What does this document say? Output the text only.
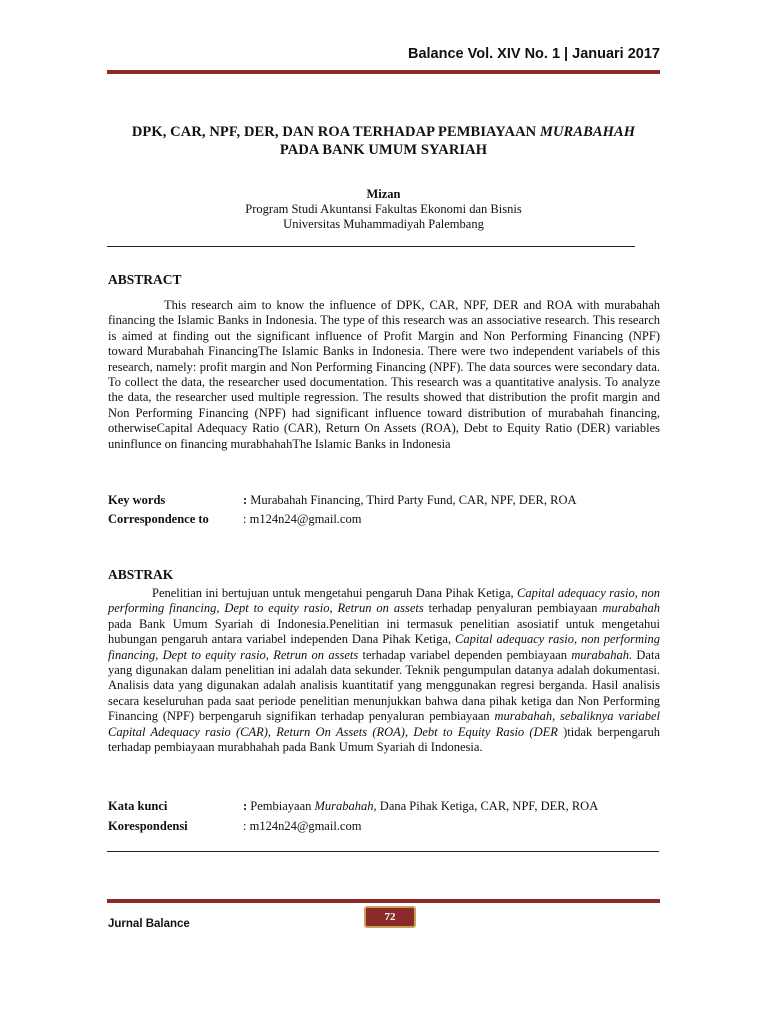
Balance Vol. XIV No. 1 | Januari 2017
DPK, CAR, NPF, DER, DAN ROA TERHADAP PEMBIAYAAN MURABAHAH
PADA BANK UMUM SYARIAH
Mizan
Program Studi Akuntansi Fakultas Ekonomi dan Bisnis
Universitas Muhammadiyah Palembang
ABSTRACT
This research aim to know the influence of DPK, CAR, NPF, DER and ROA with murabahah financing the Islamic Banks in Indonesia. The type of this research was an associative research. This research is aimed at finding out the significant influence of Profit Margin and Non Performing Financing (NPF) toward Murabahah FinancingThe Islamic Banks in Indonesia. There were two independent variabels of this research, namely: profit margin and Non Performing Financing (NPF). The data sources were secondary data. To collect the data, the researcher used documentation. This research was a quantitative analysis. To analyze the data, the researcher used multiple regression. The results showed that distribution the profit margin and Non Performing Financing (NPF) had significant influence toward distribution of murabahah financing, otherwiseCapital Adequacy Ratio (CAR), Return On Assets (ROA), Debt to Equity Ratio (DER) variables uninflunce on financing murabhahahThe Islamic Banks in Indonesia
Key words	: Murabahah Financing, Third Party Fund, CAR, NPF, DER, ROA
Correspondence to	: m124n24@gmail.com
ABSTRAK
Penelitian ini bertujuan untuk mengetahui pengaruh Dana Pihak Ketiga, Capital adequacy rasio, non performing financing, Dept to equity rasio, Retrun on assets terhadap penyaluran pembiayaan murabahah pada Bank Umum Syariah di Indonesia.Penelitian ini termasuk penelitian asosiatif untuk mengetahui hubungan pengaruh antara variabel independen Dana Pihak Ketiga, Capital adequacy rasio, non performing financing, Dept to equity rasio, Retrun on assets terhadap variabel dependen pembiayaan murabahah. Data yang digunakan dalam penelitian ini adalah data sekunder. Teknik pengumpulan datanya adalah dokumentasi. Analisis data yang digunakan adalah analisis kuantitatif yang menggunakan regresi berganda. Hasil analisis secara keseluruhan pada saat periode penelitian menunjukkan bahwa dana pihak ketiga dan Non Performing Financing (NPF) berpengaruh signifikan terhadap penyaluran pembiayaan murabahah, sebaliknya variabel Capital Adequacy rasio (CAR), Return On Assets (ROA), Debt to Equity Rasio (DER )tidak berpengaruh terhadap pembiayaan murabhahah pada Bank Umum Syariah di Indonesia.
Kata kunci	: Pembiayaan Murabahah, Dana Pihak Ketiga, CAR, NPF, DER, ROA
Korespondensi	: m124n24@gmail.com
72
Jurnal Balance
